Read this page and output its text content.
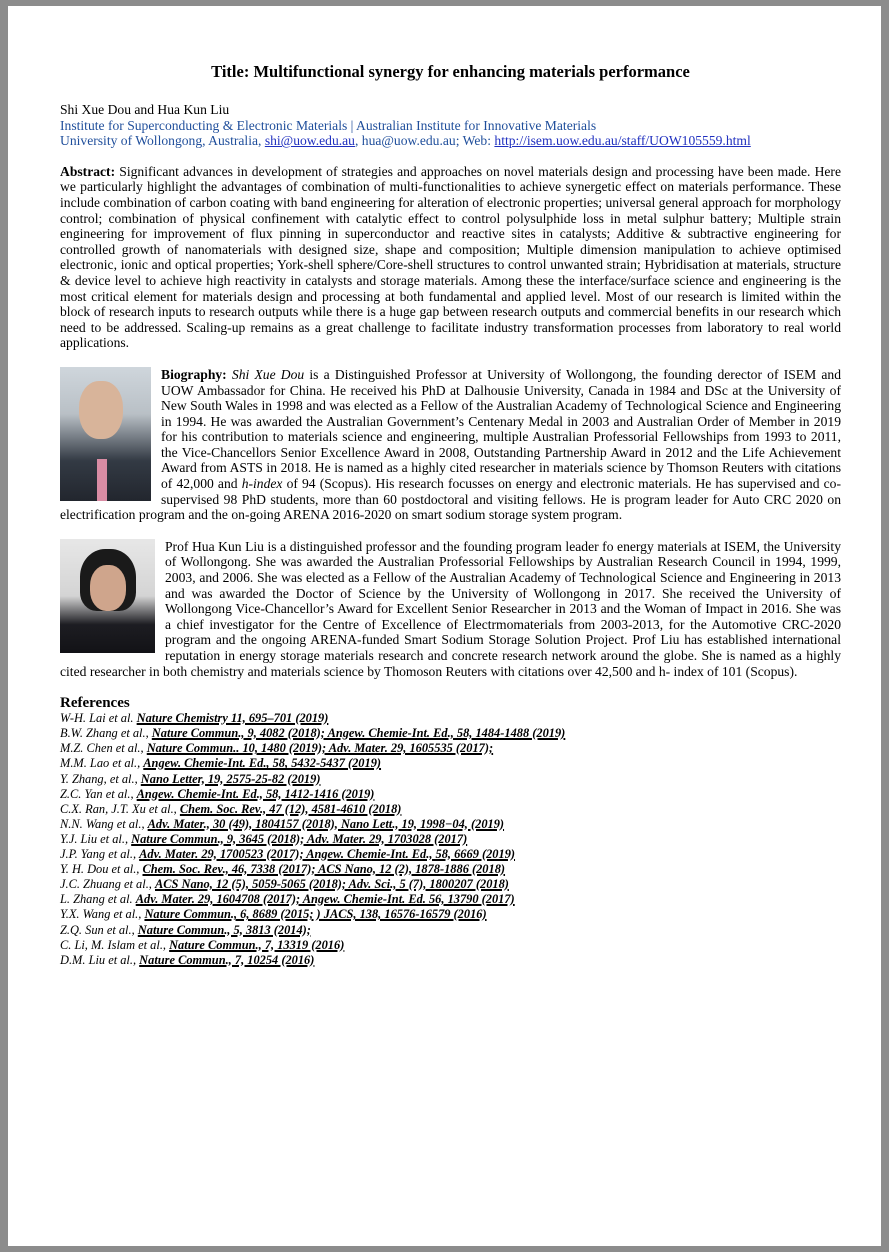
Title: Multifunctional synergy for enhancing materials performance
Shi Xue Dou and Hua Kun Liu
Institute for Superconducting & Electronic Materials | Australian Institute for Innovative Materials
University of Wollongong, Australia, shi@uow.edu.au, hua@uow.edu.au; Web: http://isem.uow.edu.au/staff/UOW105559.html
Abstract: Significant advances in development of strategies and approaches on novel materials design and processing have been made. Here we particularly highlight the advantages of combination of multi-functionalities to achieve synergetic effect on materials performance. These include combination of carbon coating with band engineering for alteration of electronic properties; universal general approach for morphology control; combination of physical confinement with catalytic effect to control polysulphide loss in metal sulphur battery; Multiple strain engineering for improvement of flux pinning in superconductor and reactive sites in catalysts; Additive & subtractive engineering for controlled growth of nanomaterials with designed size, shape and composition; Multiple dimension manipulation to achieve optimised electronic, ionic and optical properties; York-shell sphere/Core-shell structures to control unwanted strain; Hybridisation at materials, structure & device level to achieve high reactivity in catalysts and storage materials. Among these the interface/surface science and engineering is the most critical element for materials design and processing at both fundamental and applied level. Most of our research is limited within the block of research inputs to research outputs while there is a huge gap between research outputs and commercial benefits in our research which need to be addressed. Scaling-up remains as a great challenge to facilitate industry transformation processes from laboratory to real world applications.
Biography: Shi Xue Dou is a Distinguished Professor at University of Wollongong, the founding derector of ISEM and UOW Ambassador for China. He received his PhD at Dalhousie University, Canada in 1984 and DSc at the University of New South Wales in 1998 and was elected as a Fellow of the Australian Academy of Technological Science and Engineering in 1994. He was awarded the Australian Government’s Centenary Medal in 2003 and Australian Order of Member in 2019 for his contribution to materials science and engineering, multiple Australian Professorial Fellowships from 1993 to 2011, the Vice-Chancellors Senior Excellence Award in 2008, Outstanding Partnership Award in 2012 and the Life Achievement Award from ASTS in 2018. He is named as a highly cited researcher in materials science by Thomson Reuters with citations of 42,000 and h-index of 94 (Scopus). His research focusses on energy and electronic materials. He has supervised and co-supervised 98 PhD students, more than 60 postdoctoral and visiting fellows. He is program leader for Auto CRC 2020 on electrification program and the on-going ARENA 2016-2020 on smart sodium storage system program.
Prof Hua Kun Liu is a distinguished professor and the founding program leader fo energy materials at ISEM, the University of Wollongong. She was awarded the Australian Professorial Fellowships by Australian Research Council in 1994, 1999, 2003, and 2006. She was elected as a Fellow of the Australian Academy of Technological Science and Engineering in 2013 and was awarded the Doctor of Science by the University of Wollongong in 2017. She received the University of Wollongong Vice-Chancellor’s Award for Excellent Senior Researcher in 2013 and the Woman of Impact in 2016. She was a chief investigator for the Centre of Excellence of Electrmomaterials from 2003-2013, for the Automotive CRC-2020 program and the ongoing ARENA-funded Smart Sodium Storage Solution Project. Prof Liu has established international reputation in energy storage materials research and concrete research network around the globe. She is named as a highly cited researcher in both chemistry and materials science by Thomoson Reuters with citations over 42,500 and h- index of 101 (Scopus).
References
W-H. Lai et al. Nature Chemistry 11, 695–701 (2019)
B.W. Zhang et al., Nature Commun., 9, 4082 (2018); Angew. Chemie-Int. Ed., 58, 1484-1488 (2019)
M.Z. Chen et al., Nature Commun.. 10, 1480 (2019); Adv. Mater. 29, 1605535 (2017);
M.M. Lao et al., Angew. Chemie-Int. Ed., 58, 5432-5437 (2019)
Y. Zhang, et al., Nano Letter, 19, 2575-25-82 (2019)
Z.C. Yan et al., Angew. Chemie-Int. Ed., 58, 1412-1416 (2019)
C.X. Ran, J.T. Xu et al., Chem. Soc. Rev., 47 (12), 4581-4610 (2018)
N.N. Wang et al., Adv. Mater., 30 (49), 1804157 (2018), Nano Lett., 19, 1998−04, (2019)
Y.J. Liu et al., Nature Commun., 9, 3645 (2018); Adv. Mater. 29, 1703028 (2017)
J.P. Yang et al., Adv. Mater. 29, 1700523 (2017); Angew. Chemie-Int. Ed., 58, 6669 (2019)
Y. H. Dou et al., Chem. Soc. Rev., 46, 7338 (2017); ACS Nano, 12 (2), 1878-1886 (2018)
J.C. Zhuang et al., ACS Nano, 12 (5), 5059-5065 (2018); Adv. Sci., 5 (7), 1800207 (2018)
L. Zhang et al. Adv. Mater. 29, 1604708 (2017); Angew. Chemie-Int. Ed. 56, 13790 (2017)
Y.X. Wang et al., Nature Commun., 6, 8689 (2015; ) JACS, 138, 16576-16579 (2016)
Z.Q. Sun et al., Nature Commun., 5, 3813 (2014);
C. Li, M. Islam et al., Nature Commun., 7, 13319 (2016)
D.M. Liu et al., Nature Commun., 7, 10254 (2016)
